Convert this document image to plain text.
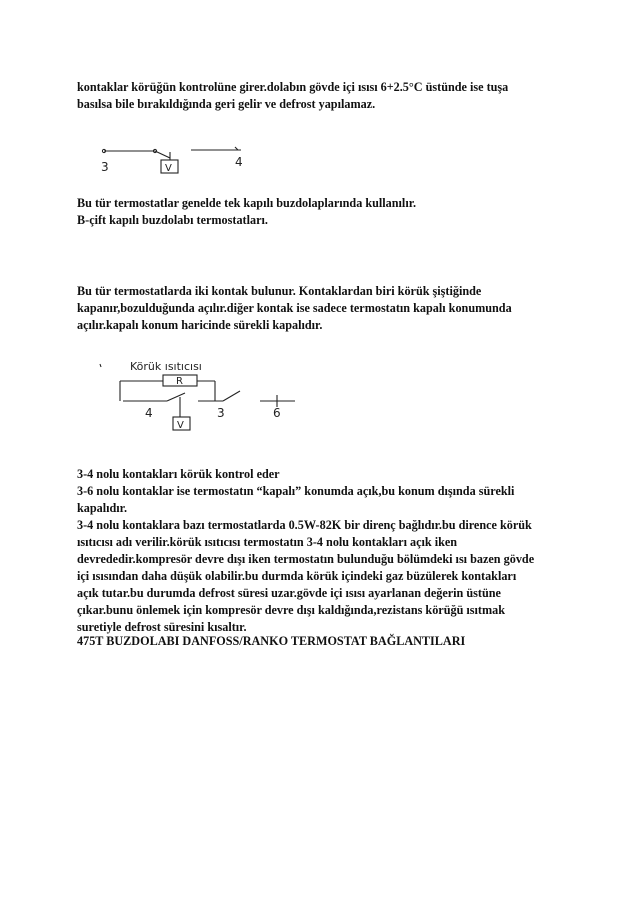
kontaklar körüğün kontrolüne girer.dolabın gövde içi ısısı 6+2.5°C üstünde ise tuşa
basılsa bile bırakıldığında geri gelir ve defrost yapılamaz.

3	V	4

Bu tür termostatlar genelde tek kapılı buzdolaplarında kullanılır.
B-çift kapılı buzdolabı termostatları.

Bu tür termostatlarda iki kontak bulunur. Kontaklardan biri körük şiştiğinde
kapanır,bozulduğunda açılır.diğer kontak ise sadece termostatın kapalı konumunda
açılır.kapalı konum haricinde sürekli kapalıdır.

Körük ısıtıcısı
R
4	3	6
V

3-4 nolu kontakları körük kontrol eder
3-6 nolu kontaklar ise termostatın “kapalı” konumda açık,bu konum dışında sürekli
kapalıdır.
3-4 nolu kontaklara bazı termostatlarda 0.5W-82K bir direnç bağlıdır.bu dirence körük
ısıtıcısı adı verilir.körük ısıtıcısı termostatın 3-4 nolu kontakları açık iken
devrededir.kompresör devre dışı iken termostatın bulunduğu bölümdeki ısı bazen gövde
içi ısısından daha düşük olabilir.bu durmda körük içindeki gaz büzülerek kontakları
açık tutar.bu durumda defrost süresi uzar.gövde içi ısısı ayarlanan değerin üstüne
çıkar.bunu önlemek için kompresör devre dışı kaldığında,rezistans körüğü ısıtmak
suretiyle defrost süresini kısaltır.

475T BUZDOLABI DANFOSS/RANKO TERMOSTAT BAĞLANTILARI
